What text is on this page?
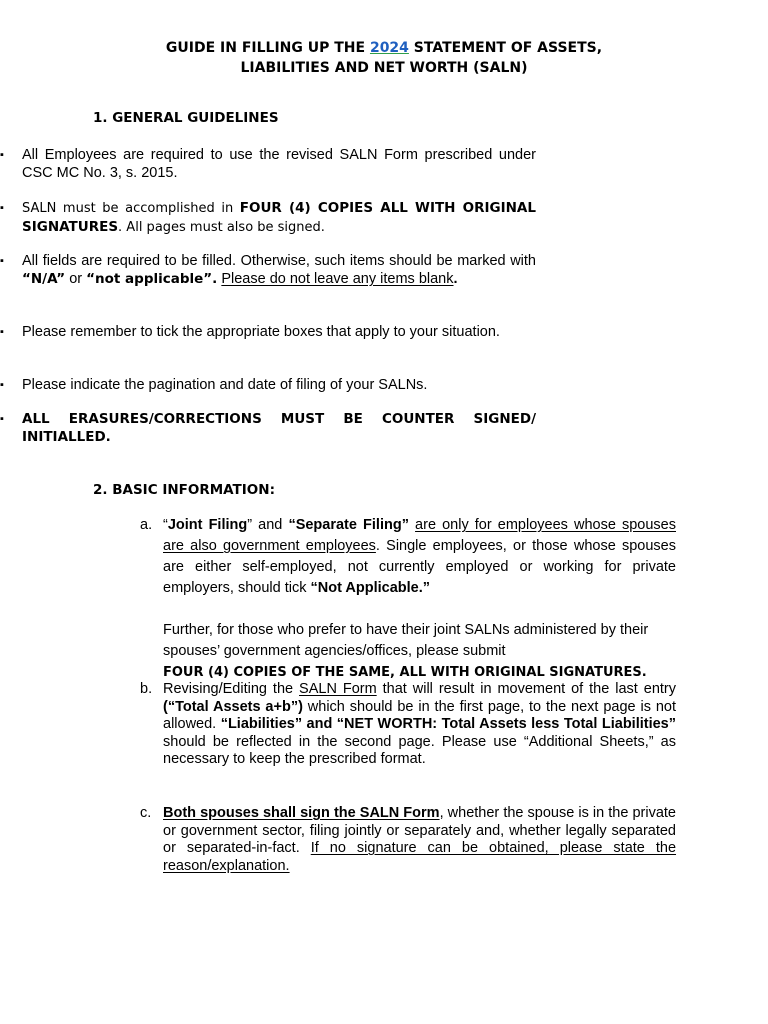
GUIDE IN FILLING UP THE 2024 STATEMENT OF ASSETS,
LIABILITIES AND NET WORTH (SALN)
1. GENERAL GUIDELINES
▪ All Employees are required to use the revised SALN Form prescribed under CSC MC No. 3, s. 2015.
▪ SALN must be accomplished in FOUR (4) COPIES ALL WITH ORIGINAL SIGNATURES. All pages must also be signed.
▪ All fields are required to be filled. Otherwise, such items should be marked with “N/A” or “not applicable”. Please do not leave any items blank.
▪ Please remember to tick the appropriate boxes that apply to your situation.
▪ Please indicate the pagination and date of filing of your SALNs.
▪ ALL ERASURES/CORRECTIONS MUST BE COUNTER SIGNED/ INITIALLED.
2. BASIC INFORMATION:
a. “Joint Filing” and “Separate Filing” are only for employees whose spouses are also government employees. Single employees, or those whose spouses are either self-employed, not currently employed or working for private employers, should tick “Not Applicable.”
Further, for those who prefer to have their joint SALNs administered by their spouses’ government agencies/offices, please submit
FOUR (4) COPIES OF THE SAME, ALL WITH ORIGINAL SIGNATURES.
b. Revising/Editing the SALN Form that will result in movement of the last entry (“Total Assets a+b”) which should be in the first page, to the next page is not allowed. “Liabilities” and “NET WORTH: Total Assets less Total Liabilities” should be reflected in the second page. Please use “Additional Sheets,” as necessary to keep the prescribed format.
c. Both spouses shall sign the SALN Form, whether the spouse is in the private or government sector, filing jointly or separately and, whether legally separated or separated-in-fact. If no signature can be obtained, please state the reason/explanation.
